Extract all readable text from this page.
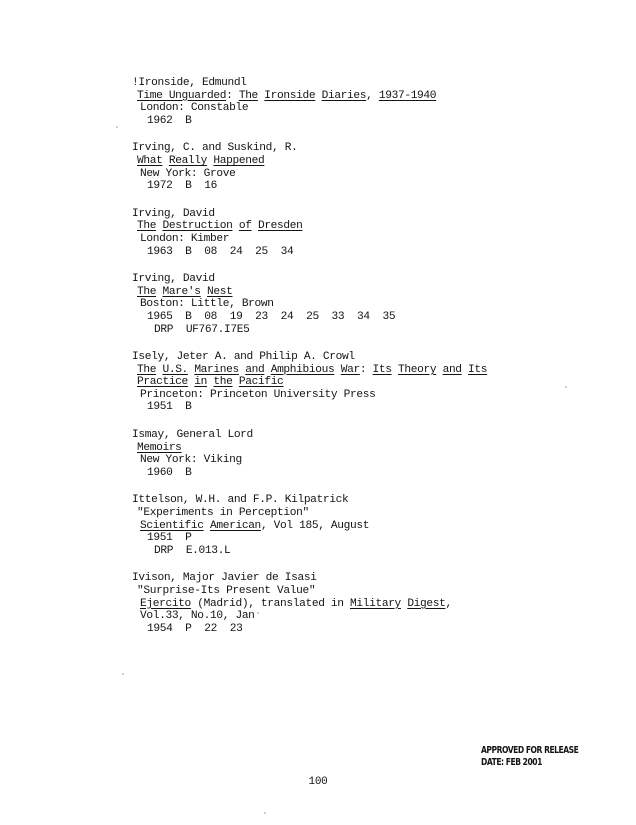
!Ironside, Edmundl
Time Unguarded: The Ironside Diaries, 1937-1940
London: Constable
1962  B
Irving, C. and Suskind, R.
What Really Happened
New York: Grove
1972  B  16
Irving, David
The Destruction of Dresden
London: Kimber
1963  B  08  24  25  34
Irving, David
The Mare's Nest
Boston: Little, Brown
1965  B  08  19  23  24  25  33  34  35
DRP  UF767.I7E5
Isely, Jeter A. and Philip A. Crowl
The U.S. Marines and Amphibious War: Its Theory and Its
Practice in the Pacific
Princeton: Princeton University Press
1951  B
Ismay, General Lord
Memoirs
New York: Viking
1960  B
Ittelson, W.H. and F.P. Kilpatrick
"Experiments in Perception"
Scientific American, Vol 185, August
1951  P
DRP  E.013.L
Ivison, Major Javier de Isasi
"Surprise-Its Present Value"
Ejercito (Madrid), translated in Military Digest,
Vol.33, No.10, Jan
1954  P  22  23
APPROVED FOR RELEASE
DATE: FEB 2001
100
